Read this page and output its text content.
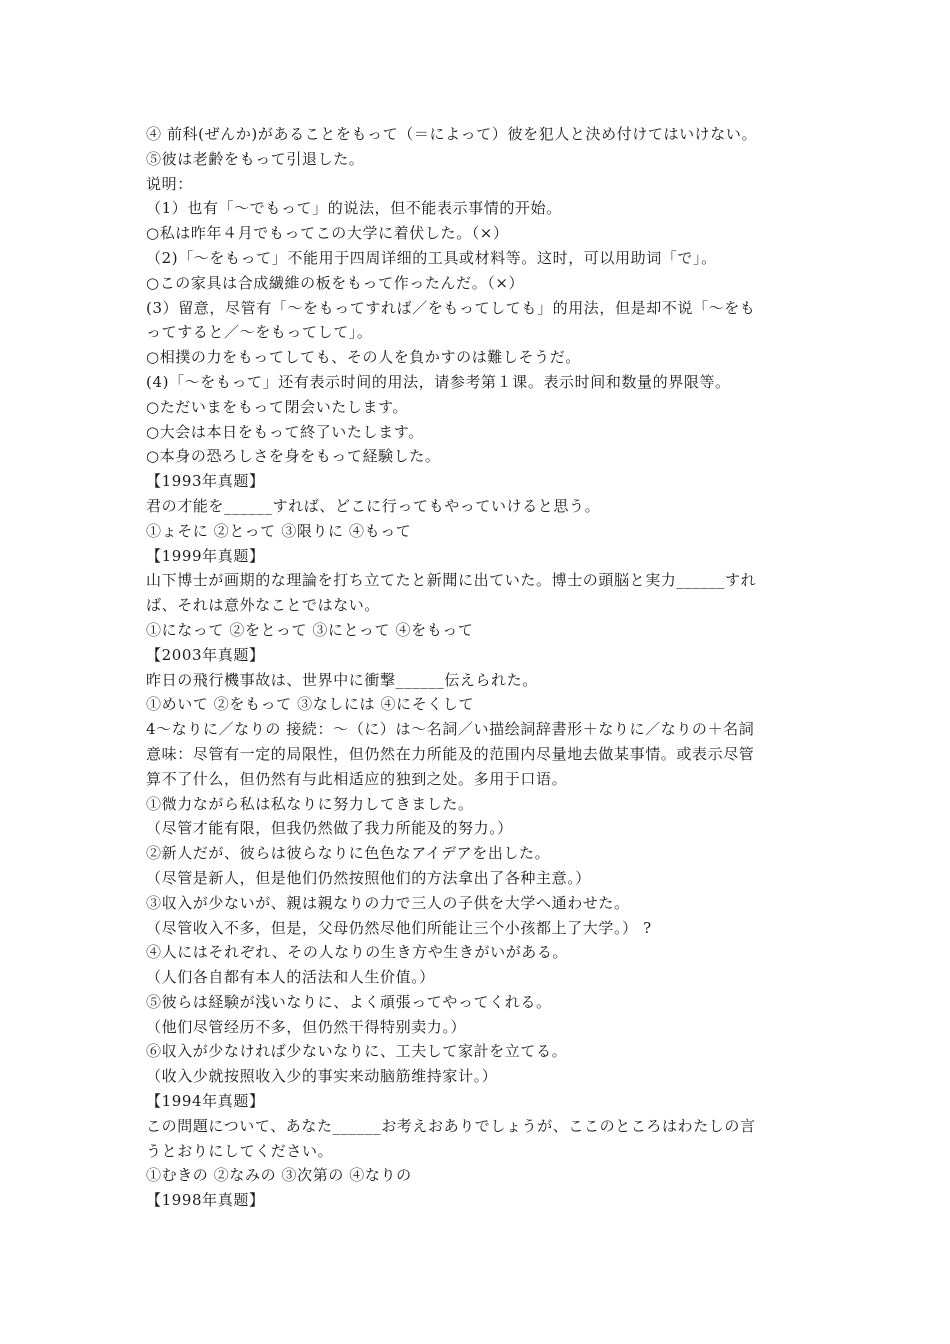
④ 前科(ぜんか)があることをもって（＝によって）彼を犯人と決め付けてはいけない。
⑤彼は老齢をもって引退した。
说明：
（1）也有「～でもって」的说法，但不能表示事情的开始。
○私は昨年４月でもってこの大学に着伏した。（×）
（2)「～をもって」不能用于四周详细的工具或材料等。这时，可以用助词「で」。
○この家具は合成繊維の板をもって作ったんだ。（×）
(3）留意，尽管有「～をもってすれば／をもってしても」的用法，但是却不说「～をも
ってすると／～をもってして」。
○相撲の力をもってしても、その人を負かすのは難しそうだ。
(4)「～をもって」还有表示时间的用法，请参考第１课。表示时间和数量的界限等。
○ただいまをもって閉会いたします。
○大会は本日をもって終了いたします。
○本身の恐ろしさを身をもって経験した。
【1993年真题】
君の才能を______すれば、どこに行ってもやっていけると思う。
①ょそに ②とって ③限りに ④もって
【1999年真题】
山下博士が画期的な理論を打ち立てたと新聞に出ていた。博士の頭脳と実力______すれ
ば、それは意外なことではない。
①になって ②をとって ③にとって ④をもって
【2003年真题】
昨日の飛行機事故は、世界中に衝撃______伝えられた。
①めいて ②をもって ③なしには ④にそくして
4～なりに／なりの 接続：～（に）は～名詞／い描绘詞辞書形＋なりに／なりの＋名詞
意味：尽管有一定的局限性，但仍然在力所能及的范围内尽量地去做某事情。或表示尽管
算不了什么，但仍然有与此相适应的独到之处。多用于口语。
①微力ながら私は私なりに努力してきました。
（尽管才能有限，但我仍然做了我力所能及的努力。）
②新人だが、彼らは彼らなりに色色なアイデアを出した。
（尽管是新人，但是他们仍然按照他们的方法拿出了各种主意。）
③収入が少ないが、親は親なりの力で三人の子供を大学へ通わせた。
（尽管收入不多，但是，父母仍然尽他们所能让三个小孩都上了大学。） ?
④人にはそれぞれ、その人なりの生き方や生きがいがある。
（人们各自都有本人的活法和人生价值。）
⑤彼らは経験が浅いなりに、よく頑張ってやってくれる。
（他们尽管经历不多，但仍然干得特别卖力。）
⑥収入が少なければ少ないなりに、工夫して家計を立てる。
（收入少就按照收入少的事实来动脑筋维持家计。）
【1994年真题】
この問題について、あなた______お考えおありでしょうが、ここのところはわたしの言
うとおりにしてください。
①むきの ②なみの ③次第の ④なりの
【1998年真题】
